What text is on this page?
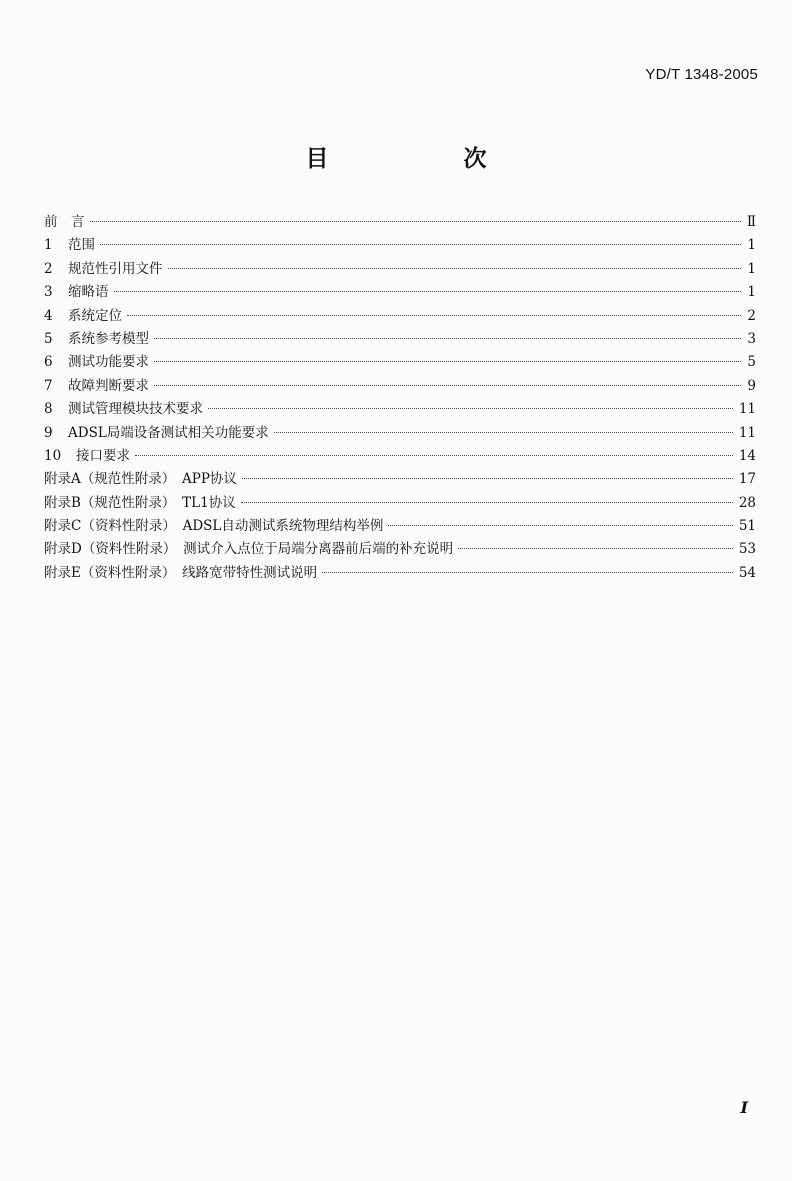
YD/T 1348-2005
目　次
前　言	Ⅱ
1	范围	1
2	规范性引用文件	1
3	缩略语	1
4	系统定位	2
5	系统参考模型	3
6	测试功能要求	5
7	故障判断要求	9
8	测试管理模块技术要求	11
9	ADSL局端设备测试相关功能要求	11
10	接口要求	14
附录A（规范性附录）　APP协议	17
附录B（规范性附录）　TL1协议	28
附录C（资料性附录）　ADSL自动测试系统物理结构举例	51
附录D（资料性附录）　测试介入点位于局端分离器前后端的补充说明	53
附录E（资料性附录）　线路宽带特性测试说明	54
Ⅰ
